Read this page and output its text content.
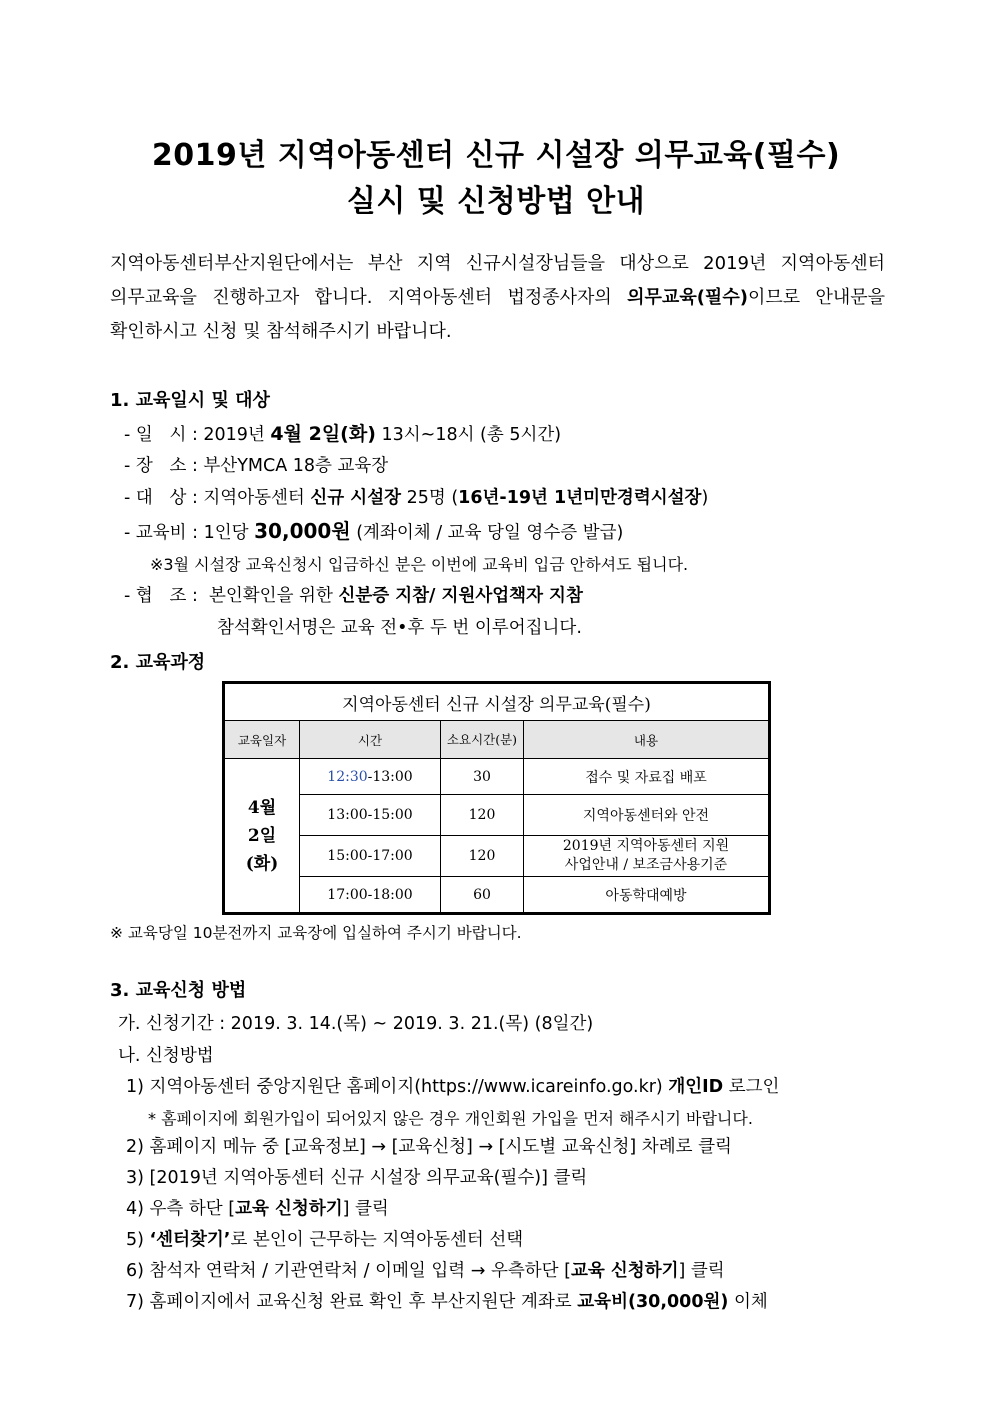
2019년 지역아동센터 신규 시설장 의무교육(필수)
실시 및 신청방법 안내

지역아동센터부산지원단에서는 부산 지역 신규시설장님들을 대상으로 2019년 지역아동센터

의무교육을 진행하고자 합니다. 지역아동센터 법정종사자의 의무교육(필수)이므로 안내문을

확인하시고 신청 및 참석해주시기 바랍니다.

1. 교육일시 및 대상
- 일   시 : 2019년 4월 2일(화) 13시~18시 (총 5시간)
- 장   소 : 부산YMCA 18층 교육장
- 대   상 : 지역아동센터 신규 시설장 25명 (16년-19년 1년미만경력시설장)
- 교육비 : 1인당 30,000원 (계좌이체 / 교육 당일 영수증 발급)
※3월 시설장 교육신청시 입금하신 분은 이번에 교육비 입금 안하셔도 됩니다.
- 협   조 :  본인확인을 위한 신분증 지참/ 지원사업책자 지참
참석확인서명은 교육 전•후 두 번 이루어집니다.
2. 교육과정
지역아동센터 신규 시설장 의무교육(필수)			
교육일자	시간	소요시간(분)	내용

4월
2일
(화)	12:30-13:00	30	접수 및 자료집 배포
	13:00-15:00	120	지역아동센터와 안전
	15:00-17:00	120	2019년 지역아동센터 지원
사업안내 / 보조금사용기준

	17:00-18:00	60	아동학대예방
※ 교육당일 10분전까지 교육장에 입실하여 주시기 바랍니다.
3. 교육신청 방법
가. 신청기간 : 2019. 3. 14.(목) ~ 2019. 3. 21.(목) (8일간)
나. 신청방법
1) 지역아동센터 중앙지원단 홈페이지(https://www.icareinfo.go.kr) 개인ID 로그인
* 홈페이지에 회원가입이 되어있지 않은 경우 개인회원 가입을 먼저 해주시기 바랍니다.
2) 홈페이지 메뉴 중 [교육정보] → [교육신청] → [시도별 교육신청] 차례로 클릭
3) [2019년 지역아동센터 신규 시설장 의무교육(필수)] 클릭
4) 우측 하단 [교육 신청하기] 클릭
5) ‘센터찾기’로 본인이 근무하는 지역아동센터 선택
6) 참석자 연락처 / 기관연락처 / 이메일 입력 → 우측하단 [교육 신청하기] 클릭
7) 홈페이지에서 교육신청 완료 확인 후 부산지원단 계좌로 교육비(30,000원) 이체
